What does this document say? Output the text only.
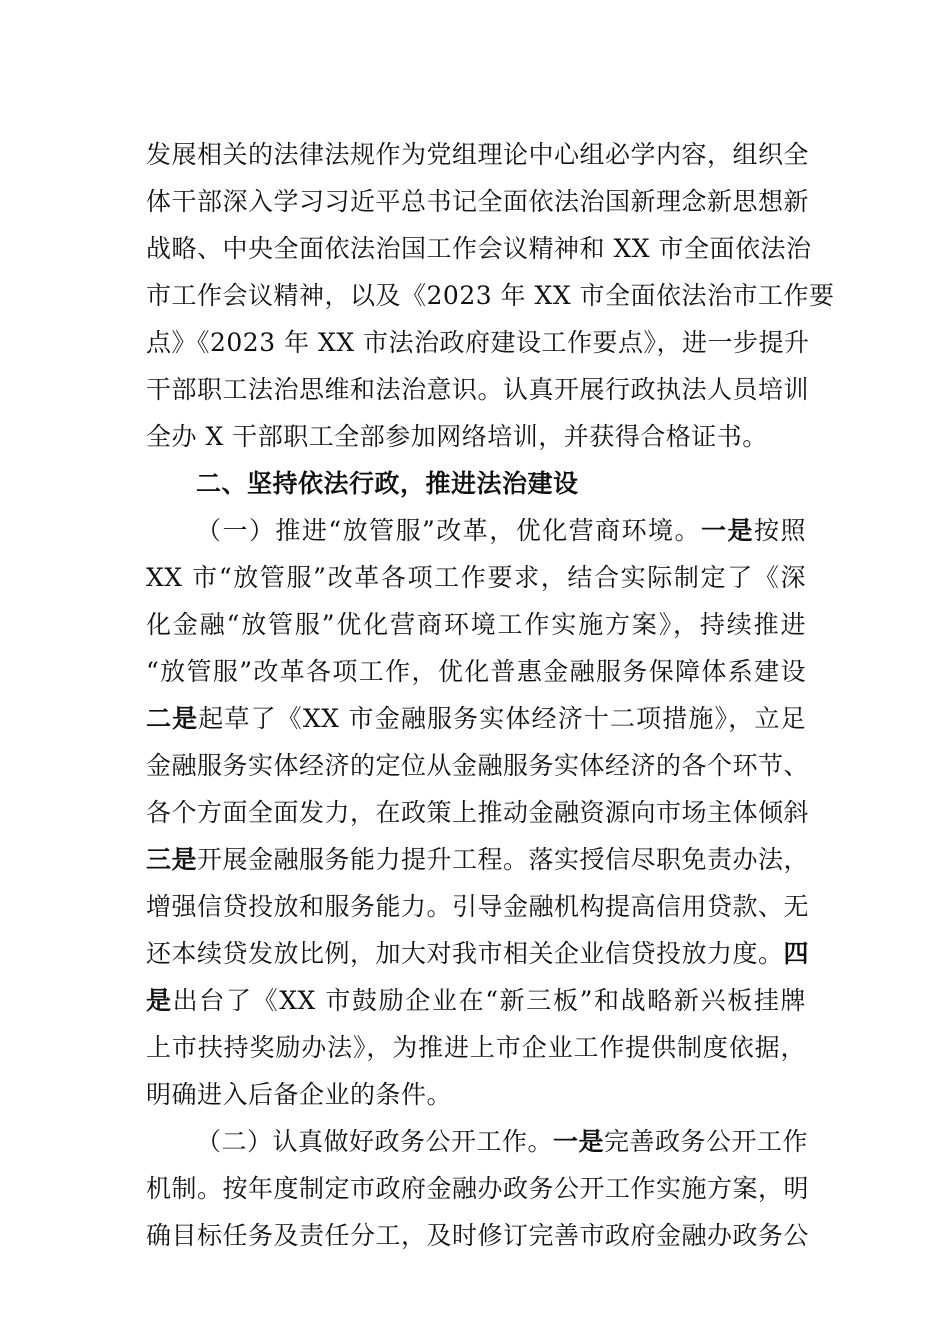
发展相关的法律法规作为党组理论中心组必学内容，组织全
体干部深入学习习近平总书记全面依法治国新理念新思想新
战略、中央全面依法治国工作会议精神和 XX 市全面依法治
市工作会议精神，以及《2023 年 XX 市全面依法治市工作要
点》《2023 年 XX 市法治政府建设工作要点》，进一步提升
干部职工法治思维和法治意识。认真开展行政执法人员培训
全办 X 干部职工全部参加网络培训，并获得合格证书。
二、坚持依法行政，推进法治建设
（一）推进“放管服”改革，优化营商环境。一是按照
XX 市“放管服”改革各项工作要求，结合实际制定了《深
化金融“放管服”优化营商环境工作实施方案》，持续推进
“放管服”改革各项工作，优化普惠金融服务保障体系建设
二是起草了《XX 市金融服务实体经济十二项措施》，立足
金融服务实体经济的定位从金融服务实体经济的各个环节、
各个方面全面发力，在政策上推动金融资源向市场主体倾斜
三是开展金融服务能力提升工程。落实授信尽职免责办法，
增强信贷投放和服务能力。引导金融机构提高信用贷款、无
还本续贷发放比例，加大对我市相关企业信贷投放力度。四
是出台了《XX 市鼓励企业在“新三板”和战略新兴板挂牌
上市扶持奖励办法》，为推进上市企业工作提供制度依据，
明确进入后备企业的条件。
（二）认真做好政务公开工作。一是完善政务公开工作
机制。按年度制定市政府金融办政务公开工作实施方案，明
确目标任务及责任分工，及时修订完善市政府金融办政务公
